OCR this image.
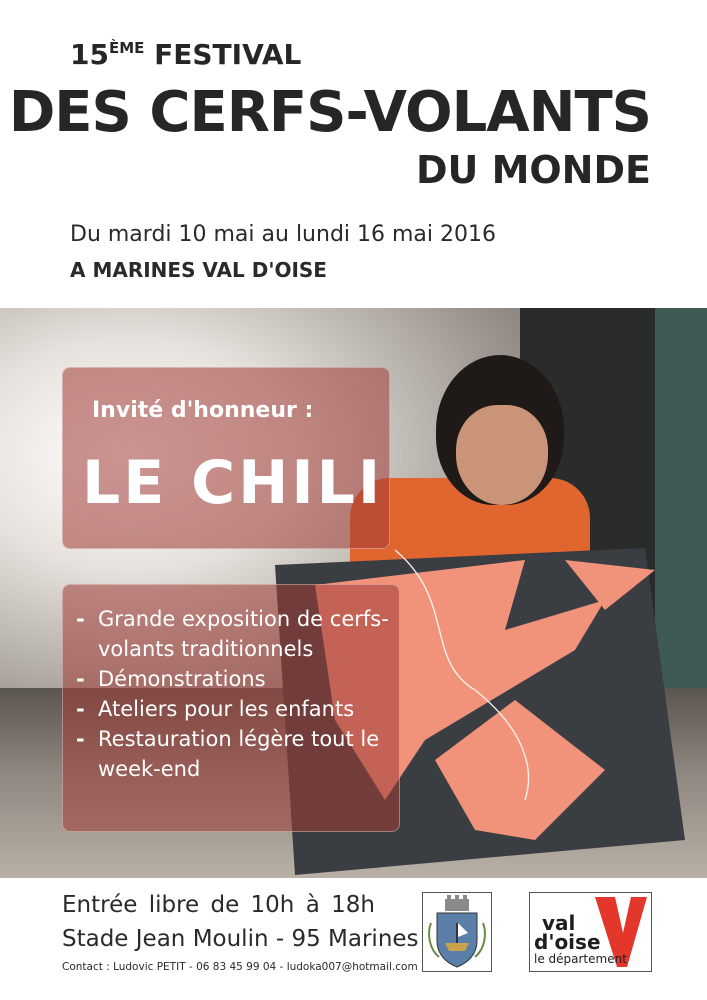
15ÈME FESTIVAL
DES CERFS-VOLANTS
DU MONDE
Du mardi 10 mai au lundi 16 mai 2016
A MARINES VAL D'OISE
Invité d'honneur :
LE CHILI
- Grande exposition de cerfs-volants traditionnels
- Démonstrations
- Ateliers pour les enfants
- Restauration légère tout le week-end
Entrée libre de 10h à 18h
Stade Jean Moulin - 95 Marines
Contact : Ludovic PETIT - 06 83 45 99 04 - ludoka007@hotmail.com
val
d'oise
le département
